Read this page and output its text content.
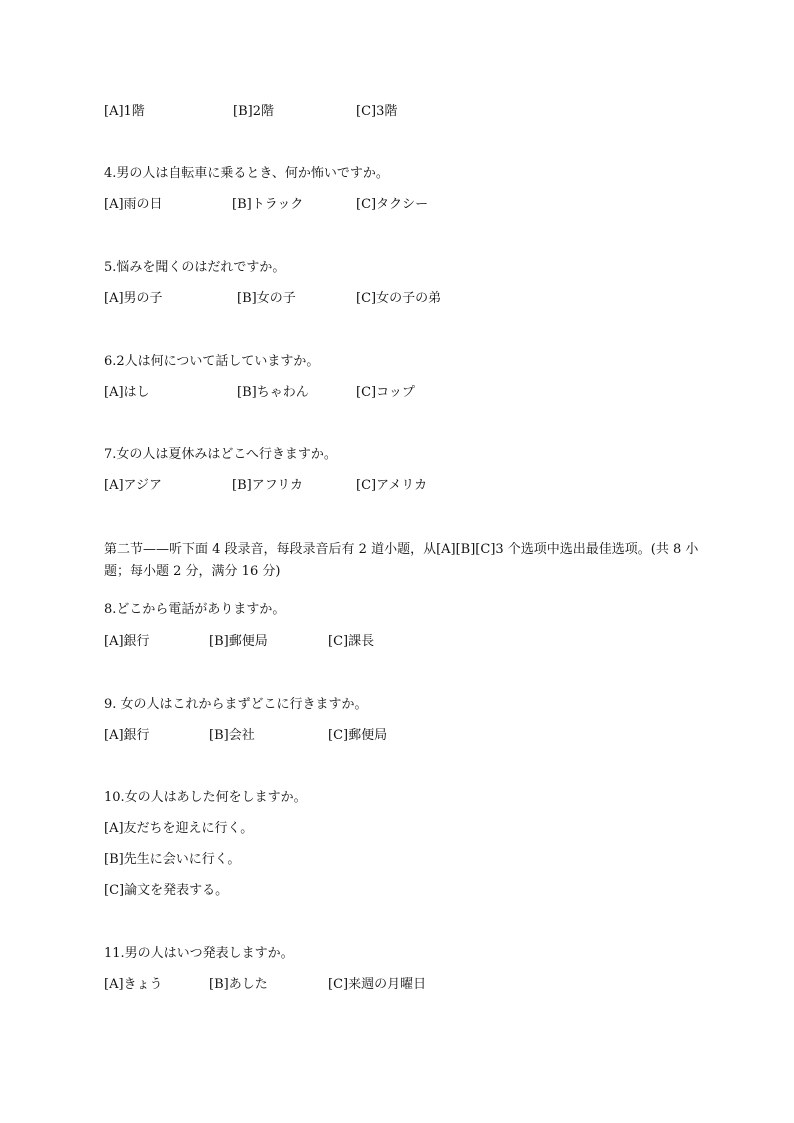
[A]1階	[B]2階	[C]3階
4.男の人は自転車に乗るとき、何か怖いですか。
[A]雨の日	[B]トラック	[C]タクシー
5.悩みを聞くのはだれですか。
[A]男の子	[B]女の子	[C]女の子の弟
6.2人は何について話していますか。
[A]はし	[B]ちゃわん	[C]コップ
7.女の人は夏休みはどこへ行きますか。
[A]アジア	[B]アフリカ	[C]アメリカ
第二节——听下面 4 段录音，每段录音后有 2 道小题，从[A][B][C]3 个选项中选出最佳选项。(共 8 小题；每小题 2 分，满分 16 分)
8.どこから電話がありますか。
[A]銀行	[B]郵便局	[C]課長
9. 女の人はこれからまずどこに行きますか。
[A]銀行	[B]会社	[C]郵便局
10.女の人はあした何をしますか。
[A]友だちを迎えに行く。
[B]先生に会いに行く。
[C]論文を発表する。
11.男の人はいつ発表しますか。
[A]きょう	[B]あした	[C]来週の月曜日
